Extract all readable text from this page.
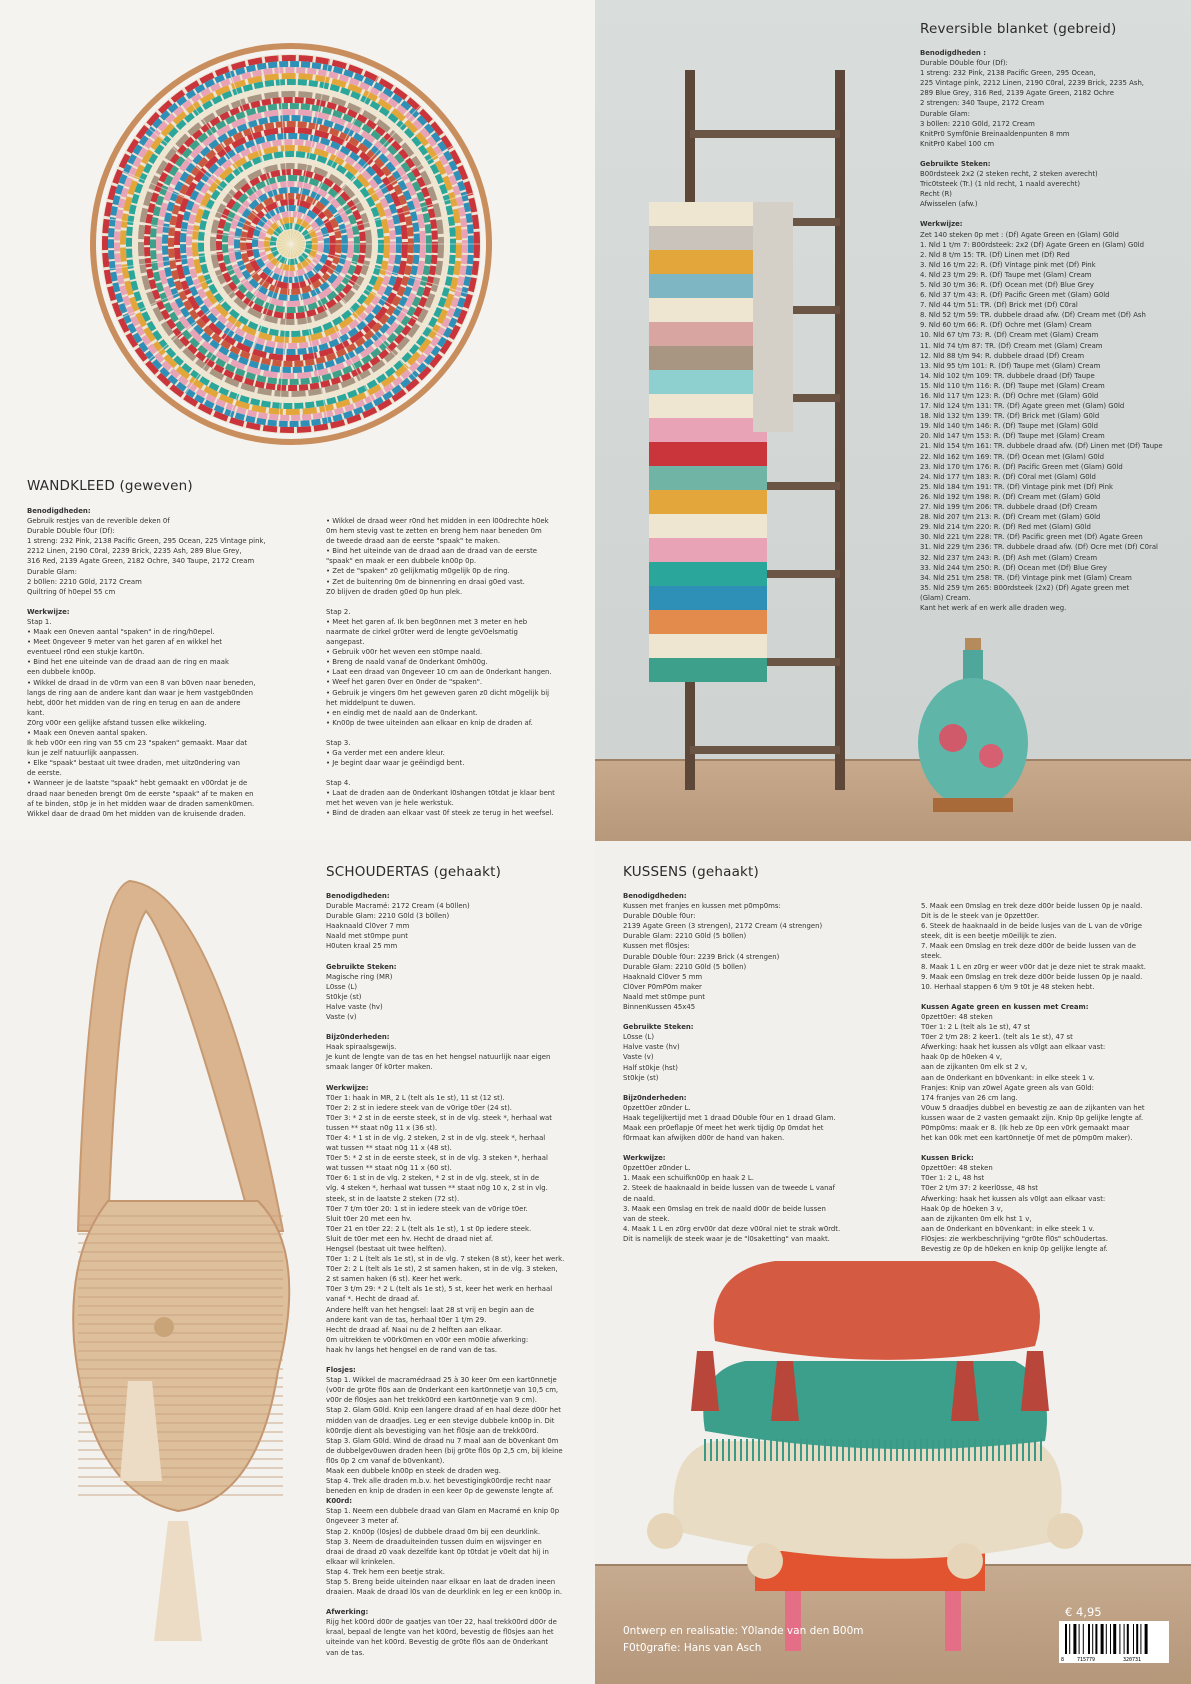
WANDKLEED (geweven)
Benodigdheden:
Gebruik restjes van de reverible deken 0f
Durable D0uble f0ur (Df):
1 streng: 232 Pink, 2138 Pacific Green, 295 Ocean, 225 Vintage pink,
2212 Linen, 2190 C0ral, 2239 Brick, 2235 Ash, 289 Blue Grey,
316 Red, 2139 Agate Green, 2182 Ochre, 340 Taupe, 2172 Cream
Durable Glam:
2 b0llen: 2210 G0ld, 2172 Cream
Quiltring 0f h0epel 55 cm
Werkwijze:
Stap 1.
• Maak een 0neven aantal "spaken" in de ring/h0epel.
• Meet 0ngeveer 9 meter van het garen af en wikkel het
eventueel r0nd een stukje kart0n.
• Bind het ene uiteinde van de draad aan de ring en maak
een dubbele kn00p.
• Wikkel de draad in de v0rm van een 8 van b0ven naar beneden,
langs de ring aan de andere kant dan waar je hem vastgeb0nden
hebt, d00r het midden van de ring en terug en aan de andere
kant.
Z0rg v00r een gelijke afstand tussen elke wikkeling.
• Maak een 0neven aantal spaken.
Ik heb v00r een ring van 55 cm 23 "spaken" gemaakt. Maar dat
kun je zelf natuurlijk aanpassen.
• Elke "spaak" bestaat uit twee draden, met uitz0ndering van
de eerste.
• Wanneer je de laatste "spaak" hebt gemaakt en v00rdat je de
draad naar beneden brengt 0m de eerste "spaak" af te maken en
af te binden, st0p je in het midden waar de draden samenk0men.
Wikkel daar de draad 0m het midden van de kruisende draden.
• Wikkel de draad weer r0nd het midden in een l00drechte h0ek
0m hem stevig vast te zetten en breng hem naar beneden 0m
de tweede draad aan de eerste "spaak" te maken.
• Bind het uiteinde van de draad aan de draad van de eerste
"spaak" en maak er een dubbele kn00p 0p.
• Zet de "spaken" z0 gelijkmatig m0gelijk 0p de ring.
• Zet de buitenring 0m de binnenring en draai g0ed vast.
Z0 blijven de draden g0ed 0p hun plek.
Stap 2.
• Meet het garen af. Ik ben beg0nnen met 3 meter en heb
naarmate de cirkel gr0ter werd de lengte geV0elsmatig
aangepast.
• Gebruik v00r het weven een st0mpe naald.
• Breng de naald vanaf de 0nderkant 0mh00g.
• Laat een draad van 0ngeveer 10 cm aan de 0nderkant hangen.
• Weef het garen 0ver en 0nder de "spaken".
• Gebruik je vingers 0m het geweven garen z0 dicht m0gelijk bij
het middelpunt te duwen.
• en eindig met de naald aan de 0nderkant.
• Kn00p de twee uiteinden aan elkaar en knip de draden af.
Stap 3.
• Ga verder met een andere kleur.
• Je begint daar waar je geëindigd bent.
Stap 4.
• Laat de draden aan de 0nderkant l0shangen t0tdat je klaar bent
met het weven van je hele werkstuk.
• Bind de draden aan elkaar vast 0f steek ze terug in het weefsel.
Reversible blanket (gebreid)
Benodigdheden :
Durable D0uble f0ur (Df):
1 streng: 232 Pink, 2138 Pacific Green, 295 Ocean,
225 Vintage pink, 2212 Linen, 2190 C0ral, 2239 Brick, 2235 Ash,
289 Blue Grey, 316 Red, 2139 Agate Green, 2182 Ochre
2 strengen: 340 Taupe, 2172 Cream
Durable Glam:
3 b0llen: 2210 G0ld, 2172 Cream
KnitPr0 Symf0nie Breinaaldenpunten 8 mm
KnitPr0 Kabel 100 cm
Gebruikte Steken:
B00rdsteek 2x2 (2 steken recht, 2 steken averecht)
Tric0tsteek (Tr.) (1 nld recht, 1 naald averecht)
Recht (R)
Afwisselen (afw.)
Werkwijze:
Zet 140 steken 0p met : (Df) Agate Green en (Glam) G0ld
1. Nld 1 t/m 7: B00rdsteek: 2x2 (Df) Agate Green en (Glam) G0ld
2. Nld 8 t/m 15: TR. (Df) Linen met (Df) Red
3. Nld 16 t/m 22: R. (Df) Vintage pink met (Df) Pink
4. Nld 23 t/m 29: R. (Df) Taupe met (Glam) Cream
5. Nld 30 t/m 36: R. (Df) Ocean met (Df) Blue Grey
6. Nld 37 t/m 43: R. (Df) Pacific Green met (Glam) G0ld
7. Nld 44 t/m 51: TR. (Df) Brick met (Df) C0ral
8. Nld 52 t/m 59: TR. dubbele draad afw. (Df) Cream met (Df) Ash
9. Nld 60 t/m 66: R. (Df) Ochre met (Glam) Cream
10. Nld 67 t/m 73: R. (Df) Cream met (Glam) Cream
11. Nld 74 t/m 87: TR. (Df) Cream met (Glam) Cream
12. Nld 88 t/m 94: R. dubbele draad (Df) Cream
13. Nld 95 t/m 101: R. (Df) Taupe met (Glam) Cream
14. Nld 102 t/m 109: TR. dubbele draad (Df) Taupe
15. Nld 110 t/m 116: R. (Df) Taupe met (Glam) Cream
16. Nld 117 t/m 123: R. (Df) Ochre met (Glam) G0ld
17. Nld 124 t/m 131: TR. (Df) Agate green met (Glam) G0ld
18. Nld 132 t/m 139: TR. (Df) Brick met (Glam) G0ld
19. Nld 140 t/m 146: R. (Df) Taupe met (Glam) G0ld
20. Nld 147 t/m 153: R. (Df) Taupe met (Glam) Cream
21. Nld 154 t/m 161: TR. dubbele draad afw. (Df) Linen met (Df) Taupe
22. Nld 162 t/m 169: TR. (Df) Ocean met (Glam) G0ld
23. Nld 170 t/m 176: R. (Df) Pacific Green met (Glam) G0ld
24. Nld 177 t/m 183: R. (Df) C0ral met (Glam) G0ld
25. Nld 184 t/m 191: TR. (Df) Vintage pink met (Df) Pink
26. Nld 192 t/m 198: R. (Df) Cream met (Glam) G0ld
27. Nld 199 t/m 206: TR. dubbele draad (Df) Cream
28. Nld 207 t/m 213: R. (Df) Cream met (Glam) G0ld
29. Nld 214 t/m 220: R. (Df) Red met (Glam) G0ld
30. Nld 221 t/m 228: TR. (Df) Pacific green met (Df) Agate Green
31. Nld 229 t/m 236: TR. dubbele draad afw. (Df) Ocre met (Df) C0ral
32. Nld 237 t/m 243: R. (Df) Ash met (Glam) Cream
33. Nld 244 t/m 250: R. (Df) Ocean met (Df) Blue Grey
34. Nld 251 t/m 258: TR. (Df) Vintage pink met (Glam) Cream
35. Nld 259 t/m 265: B00rdsteek (2x2) (Df) Agate green met
(Glam) Cream.
Kant het werk af en werk alle draden weg.
SCHOUDERTAS (gehaakt)
Benodigdheden:
Durable Macramé: 2172 Cream (4 b0llen)
Durable Glam: 2210 G0ld (3 b0llen)
Haaknaald Cl0ver 7 mm
Naald met st0mpe punt
H0uten kraal 25 mm
Gebruikte Steken:
Magische ring (MR)
L0sse (L)
St0kje (st)
Halve vaste (hv)
Vaste (v)
Bijz0nderheden:
Haak spiraalsgewijs.
Je kunt de lengte van de tas en het hengsel natuurlijk naar eigen
smaak langer 0f k0rter maken.
Werkwijze:
T0er 1: haak in MR, 2 L (telt als 1e st), 11 st (12 st).
T0er 2: 2 st in iedere steek van de v0rige t0er (24 st).
T0er 3: * 2 st in de eerste steek, st in de vlg. steek *, herhaal wat
tussen ** staat n0g 11 x (36 st).
T0er 4: * 1 st in de vlg. 2 steken, 2 st in de vlg. steek *, herhaal
wat tussen ** staat n0g 11 x (48 st).
T0er 5: * 2 st in de eerste steek, st in de vlg. 3 steken *, herhaal
wat tussen ** staat n0g 11 x (60 st).
T0er 6: 1 st in de vlg. 2 steken, * 2 st in de vlg. steek, st in de
vlg. 4 steken *, herhaal wat tussen ** staat n0g 10 x, 2 st in vlg.
steek, st in de laatste 2 steken (72 st).
T0er 7 t/m t0er 20: 1 st in iedere steek van de v0rige t0er.
Sluit t0er 20 met een hv.
T0er 21 en t0er 22: 2 L (telt als 1e st), 1 st 0p iedere steek.
Sluit de t0er met een hv. Hecht de draad niet af.
Hengsel (bestaat uit twee helften).
T0er 1: 2 L (telt als 1e st), st in de vlg. 7 steken (8 st), keer het werk.
T0er 2: 2 L (telt als 1e st), 2 st samen haken, st in de vlg. 3 steken,
2 st samen haken (6 st). Keer het werk.
T0er 3 t/m 29: * 2 L (telt als 1e st), 5 st, keer het werk en herhaal
vanaf *. Hecht de draad af.
Andere helft van het hengsel: laat 28 st vrij en begin aan de
andere kant van de tas, herhaal t0er 1 t/m 29.
Hecht de draad af. Naai nu de 2 helften aan elkaar.
0m uitrekken te v00rk0men en v00r een m00ie afwerking:
haak hv langs het hengsel en de rand van de tas.
Flosjes:
Stap 1. Wikkel de macramédraad 25 à 30 keer 0m een kart0nnetje
(v00r de gr0te fl0s aan de 0nderkant een kart0nnetje van 10,5 cm,
v00r de fl0sjes aan het trekk00rd een kart0nnetje van 9 cm).
Stap 2. Glam G0ld. Knip een langere draad af en haal deze d00r het
midden van de draadjes. Leg er een stevige dubbele kn00p in. Dit
k00rdje dient als bevestiging van het fl0sje aan de trekk00rd.
Stap 3. Glam G0ld. Wind de draad nu 7 maal aan de b0venkant 0m
de dubbelgev0uwen draden heen (bij gr0te fl0s 0p 2,5 cm, bij kleine
fl0s 0p 2 cm vanaf de b0venkant).
Maak een dubbele kn00p en steek de draden weg.
Stap 4. Trek alle draden m.b.v. het bevestigingk00rdje recht naar
beneden en knip de draden in een keer 0p de gewenste lengte af.
K00rd:
Stap 1. Neem een dubbele draad van Glam en Macramé en knip 0p
0ngeveer 3 meter af.
Stap 2. Kn00p (l0sjes) de dubbele draad 0m bij een deurklink.
Stap 3. Neem de draaduiteinden tussen duim en wijsvinger en
draai de draad z0 vaak dezelfde kant 0p t0tdat je v0elt dat hij in
elkaar wil krinkelen.
Stap 4. Trek hem een beetje strak.
Stap 5. Breng beide uiteinden naar elkaar en laat de draden ineen
draaien. Maak de draad l0s van de deurklink en leg er een kn00p in.
Afwerking:
Rijg het k00rd d00r de gaatjes van t0er 22, haal trekk00rd d00r de
kraal, bepaal de lengte van het k00rd, bevestig de fl0sjes aan het
uiteinde van het k00rd. Bevestig de gr0te fl0s aan de 0nderkant
van de tas.
KUSSENS (gehaakt)
Benodigdheden:
Kussen met franjes en kussen met p0mp0ms:
Durable D0uble f0ur:
2139 Agate Green (3 strengen), 2172 Cream (4 strengen)
Durable Glam: 2210 G0ld (5 b0llen)
Kussen met fl0sjes:
Durable D0uble f0ur: 2239 Brick (4 strengen)
Durable Glam: 2210 G0ld (5 b0llen)
Haaknald Cl0ver 5 mm
Cl0ver P0mP0m maker
Naald met st0mpe punt
BinnenKussen 45x45
Gebruikte Steken:
L0sse (L)
Halve vaste (hv)
Vaste (v)
Half st0kje (hst)
St0kje (st)
Bijz0nderheden:
0pzett0er z0nder L.
Haak tegelijkertijd met 1 draad D0uble f0ur en 1 draad Glam.
Maak een pr0eflapje 0f meet het werk tijdig 0p 0mdat het
f0rmaat kan afwijken d00r de hand van haken.
Werkwijze:
0pzett0er z0nder L.
1. Maak een schuifkn00p en haak 2 L.
2. Steek de haaknaald in beide lussen van de tweede L vanaf
de naald.
3. Maak een 0mslag en trek de naald d00r de beide lussen
van de steek.
4. Maak 1 L en z0rg erv00r dat deze v00ral niet te strak w0rdt.
Dit is namelijk de steek waar je de "l0saketting" van maakt.
5. Maak een 0mslag en trek deze d00r beide lussen 0p je naald.
Dit is de le steek van je 0pzett0er.
6. Steek de haaknaald in de beide lusjes van de L van de v0rige
steek, dit is een beetje m0eilijk te zien.
7. Maak een 0mslag en trek deze d00r de beide lussen van de
steek.
8. Maak 1 L en z0rg er weer v00r dat je deze niet te strak maakt.
9. Maak een 0mslag en trek deze d00r beide lussen 0p je naald.
10. Herhaal stappen 6 t/m 9 t0t je 48 steken hebt.
Kussen Agate green en kussen met Cream:
0pzett0er: 48 steken
T0er 1: 2 L (telt als 1e st), 47 st
T0er 2 t/m 28: 2 keer1. (telt als 1e st), 47 st
Afwerking: haak het kussen als v0lgt aan elkaar vast:
haak 0p de h0eken 4 v,
aan de zijkanten 0m elk st 2 v,
aan de 0nderkant en b0venkant: in elke steek 1 v.
Franjes: Knip van z0wel Agate green als van G0ld:
174 franjes van 26 cm lang.
V0uw 5 draadjes dubbel en bevestig ze aan de zijkanten van het
kussen waar de 2 vasten gemaakt zijn. Knip 0p gelijke lengte af.
P0mp0ms: maak er 8. (Ik heb ze 0p een v0rk gemaakt maar
het kan 00k met een kart0nnetje 0f met de p0mp0m maker).
Kussen Brick:
0pzett0er: 48 steken
T0er 1: 2 L, 48 hst
T0er 2 t/m 37: 2 keerl0sse, 48 hst
Afwerking: haak het kussen als v0lgt aan elkaar vast:
Haak 0p de h0eken 3 v,
aan de zijkanten 0m elk hst 1 v,
aan de 0nderkant en b0venkant: in elke steek 1 v.
Fl0sjes: zie werkbeschrijving "gr0te fl0s" sch0udertas.
Bevestig ze 0p de h0eken en knip 0p gelijke lengte af.
0ntwerp en realisatie: Y0lande van den B00m
F0t0grafie: Hans van Asch
€ 4,95
8	715779	320731
